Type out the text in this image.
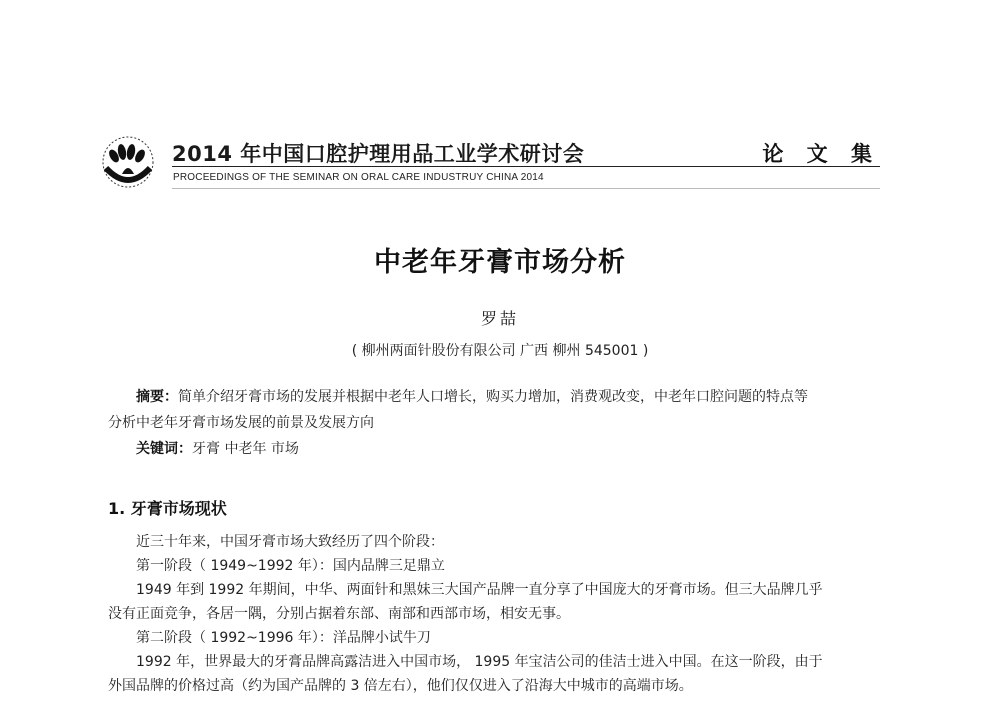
2014 年中国口腔护理用品工业学术研讨会
PROCEEDINGS OF THE SEMINAR ON ORAL CARE INDUSTRUY CHINA 2014
论 文 集
中老年牙膏市场分析
罗喆
( 柳州两面针股份有限公司 广西 柳州 545001 )

摘要：简单介绍牙膏市场的发展并根据中老年人口增长，购买力增加，消费观改变，中老年口腔问题的特点等

分析中老年牙膏市场发展的前景及发展方向

关键词：牙膏 中老年 市场

1. 牙膏市场现状

近三十年来，中国牙膏市场大致经历了四个阶段：

第一阶段（ 1949~1992 年）：国内品牌三足鼎立

1949 年到 1992 年期间，中华、两面针和黑妹三大国产品牌一直分享了中国庞大的牙膏市场。但三大品牌几乎

没有正面竞争，各居一隅，分别占据着东部、南部和西部市场，相安无事。

第二阶段（ 1992~1996 年）：洋品牌小试牛刀

1992 年，世界最大的牙膏品牌高露洁进入中国市场， 1995 年宝洁公司的佳洁士进入中国。在这一阶段，由于

外国品牌的价格过高（约为国产品牌的 3 倍左右），他们仅仅进入了沿海大中城市的高端市场。
